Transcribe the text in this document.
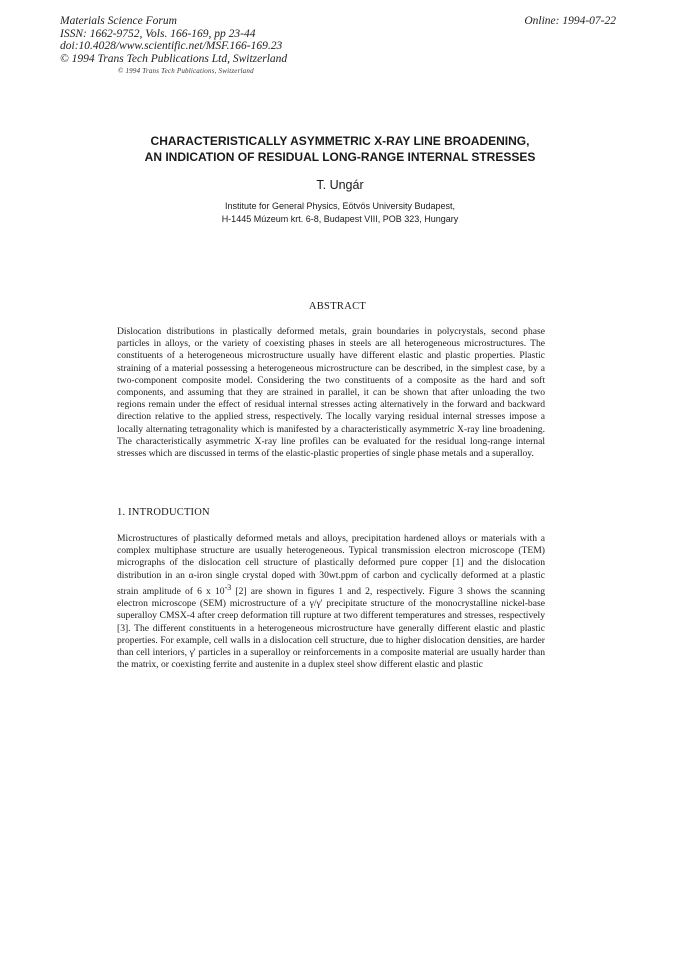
Materials Science Forum
ISSN: 1662-9752, Vols. 166-169, pp 23-44
doi:10.4028/www.scientific.net/MSF.166-169.23
© 1994 Trans Tech Publications Ltd, Switzerland
Online: 1994-07-22
© 1994 Trans Tech Publications, Switzerland
CHARACTERISTICALLY ASYMMETRIC X-RAY LINE BROADENING,
AN INDICATION OF RESIDUAL LONG-RANGE INTERNAL STRESSES
T. Ungár
Institute for General Physics, Eötvös University Budapest,
H-1445 Múzeum krt. 6-8, Budapest VIII, POB 323, Hungary
ABSTRACT
Dislocation distributions in plastically deformed metals, grain boundaries in polycrystals, second phase particles in alloys, or the variety of coexisting phases in steels are all heterogeneous microstructures. The constituents of a heterogeneous microstructure usually have different elastic and plastic properties. Plastic straining of a material possessing a heterogeneous microstructure can be described, in the simplest case, by a two-component composite model. Considering the two constituents of a composite as the hard and soft components, and assuming that they are strained in parallel, it can be shown that after unloading the two regions remain under the effect of residual internal stresses acting alternatively in the forward and backward direction relative to the applied stress, respectively. The locally varying residual internal stresses impose a locally alternating tetragonality which is manifested by a characteristically asymmetric X-ray line broadening. The characteristically asymmetric X-ray line profiles can be evaluated for the residual long-range internal stresses which are discussed in terms of the elastic-plastic properties of single phase metals and a superalloy.
1. INTRODUCTION
Microstructures of plastically deformed metals and alloys, precipitation hardened alloys or materials with a complex multiphase structure are usually heterogeneous. Typical transmission electron microscope (TEM) micrographs of the dislocation cell structure of plastically deformed pure copper [1] and the dislocation distribution in an α-iron single crystal doped with 30wt.ppm of carbon and cyclically deformed at a plastic strain amplitude of 6 x $10^{-3}$ [2] are shown in figures 1 and 2, respectively. Figure 3 shows the scanning electron microscope (SEM) microstructure of a γ/γ' precipitate structure of the monocrystalline nickel-base superalloy CMSX-4 after creep deformation till rupture at two different temperatures and stresses, respectively [3]. The different constituents in a heterogeneous microstructure have generally different elastic and plastic properties. For example, cell walls in a dislocation cell structure, due to higher dislocation densities, are harder than cell interiors, γ' particles in a superalloy or reinforcements in a composite material are usually harder than the matrix, or coexisting ferrite and austenite in a duplex steel show different elastic and plastic
